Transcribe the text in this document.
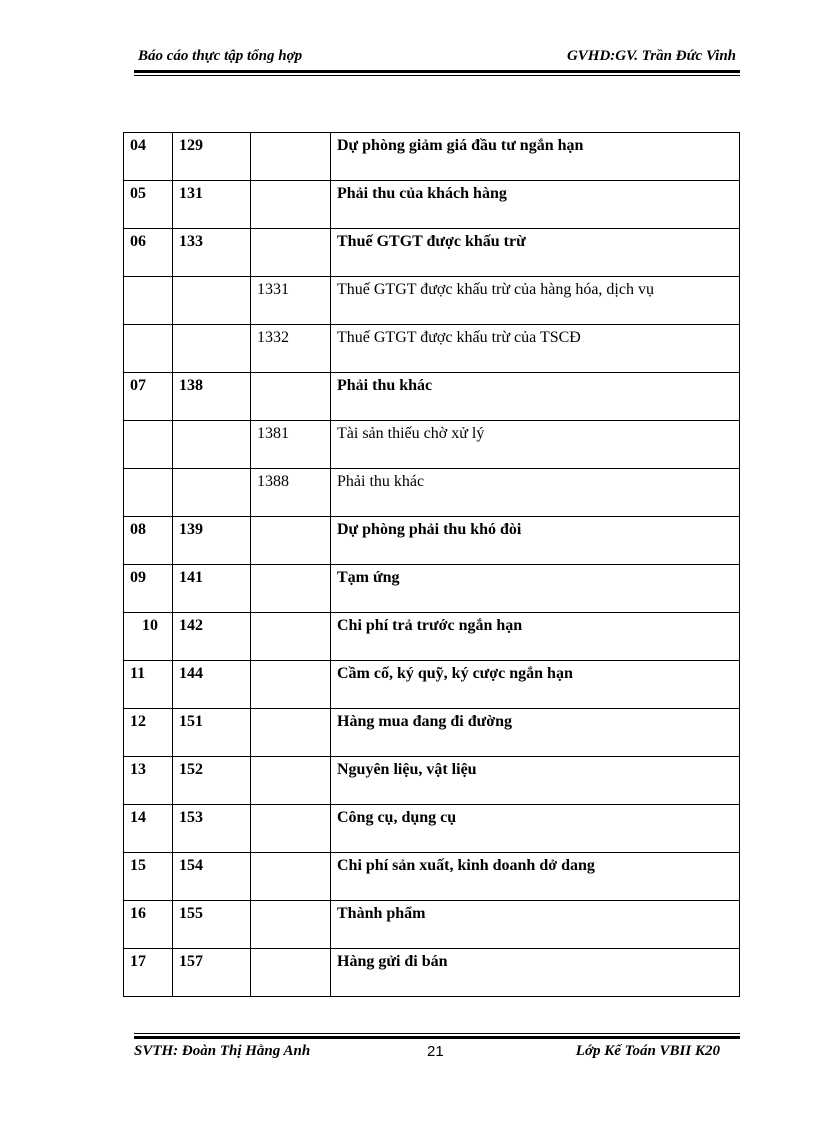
Báo cáo thực tập tổng hợp	GVHD:GV. Trần Đức Vinh
04	129		Dự phòng giảm giá đầu tư ngắn hạn
05	131		Phải thu của khách hàng
06	133		Thuế GTGT được khấu trừ
		1331	Thuế GTGT được khấu trừ của hàng hóa, dịch vụ
		1332	Thuế GTGT được khấu trừ của TSCĐ
07	138		Phải thu khác
		1381	Tài sản thiếu chờ xử lý
		1388	Phải thu khác
08	139		Dự phòng phải thu khó đòi
09	141		Tạm ứng
10	142		Chi phí trả trước ngắn hạn
11	144		Cầm cố, ký quỹ, ký cược ngắn hạn
12	151		Hàng mua đang đi đường
13	152		Nguyên liệu, vật liệu
14	153		Công cụ, dụng cụ
15	154		Chi phí sản xuất, kinh doanh dở dang
16	155		Thành phẩm
17	157		Hàng gửi đi bán
SVTH: Đoàn Thị Hằng Anh	21	Lớp Kế Toán VBII K20
